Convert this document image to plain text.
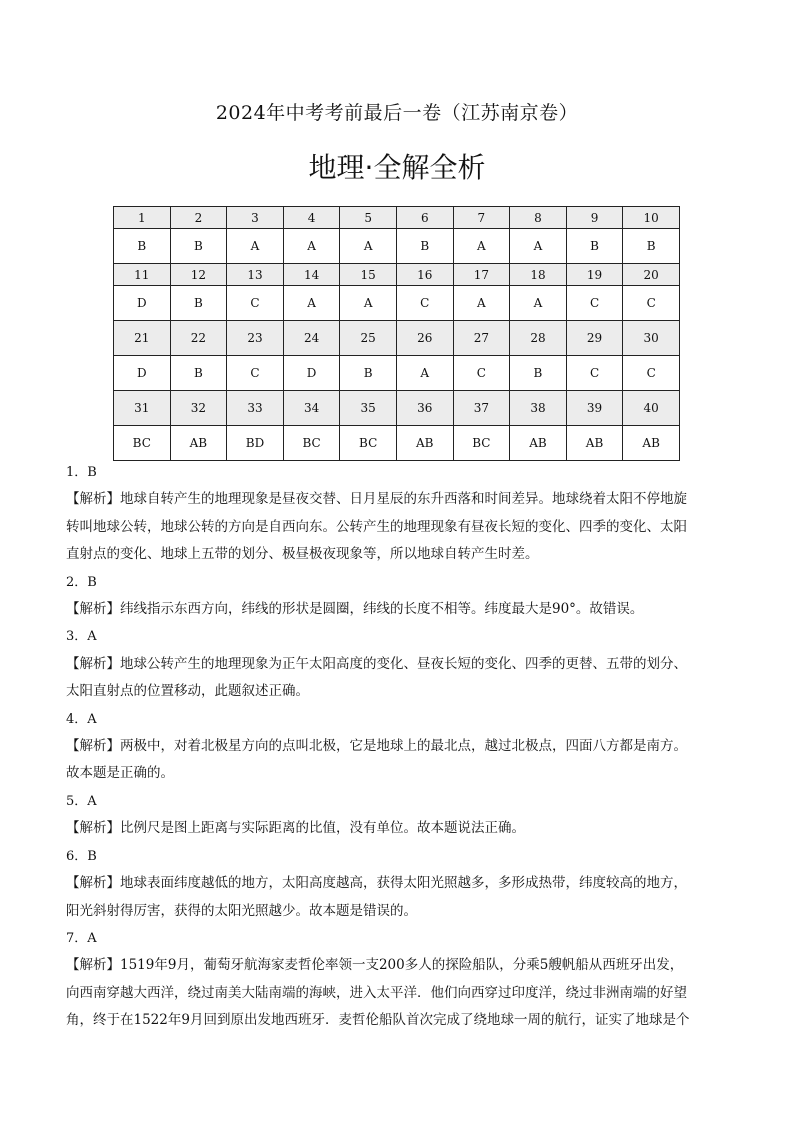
2024年中考考前最后一卷（江苏南京卷）
地理·全解全析
1	2	3	4	5	6	7	8	9	10
B	B	A	A	A	B	A	A	B	B
11	12	13	14	15	16	17	18	19	20
D	B	C	A	A	C	A	A	C	C
21	22	23	24	25	26	27	28	29	30
D	B	C	D	B	A	C	B	C	C
31	32	33	34	35	36	37	38	39	40
BC	AB	BD	BC	BC	AB	BC	AB	AB	AB

1．B

【解析】地球自转产生的地理现象是昼夜交替、日月星辰的东升西落和时间差异。地球绕着太阳不停地旋

转叫地球公转，地球公转的方向是自西向东。公转产生的地理现象有昼夜长短的变化、四季的变化、太阳

直射点的变化、地球上五带的划分、极昼极夜现象等，所以地球自转产生时差。

2．B

【解析】纬线指示东西方向，纬线的形状是圆圈，纬线的长度不相等。纬度最大是90°。故错误。

3．A

【解析】地球公转产生的地理现象为正午太阳高度的变化、昼夜长短的变化、四季的更替、五带的划分、

太阳直射点的位置移动，此题叙述正确。

4．A

【解析】两极中，对着北极星方向的点叫北极，它是地球上的最北点，越过北极点，四面八方都是南方。

故本题是正确的。

5．A

【解析】比例尺是图上距离与实际距离的比值，没有单位。故本题说法正确。

6．B

【解析】地球表面纬度越低的地方，太阳高度越高，获得太阳光照越多，多形成热带，纬度较高的地方，

阳光斜射得厉害，获得的太阳光照越少。故本题是错误的。

7．A

【解析】1519年9月，葡萄牙航海家麦哲伦率领一支200多人的探险船队，分乘5艘帆船从西班牙出发，

向西南穿越大西洋，绕过南美大陆南端的海峡，进入太平洋．他们向西穿过印度洋，绕过非洲南端的好望

角，终于在1522年9月回到原出发地西班牙．麦哲伦船队首次完成了绕地球一周的航行，证实了地球是个
